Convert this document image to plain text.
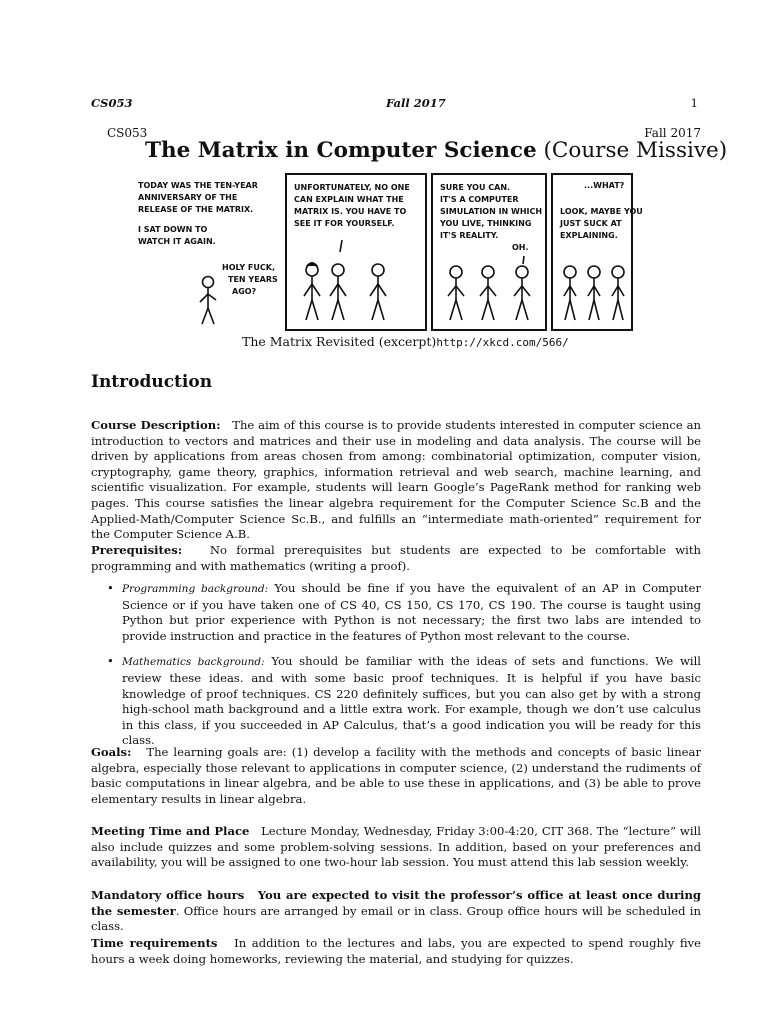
CS053	Fall 2017	1
CS053	Fall 2017
The Matrix in Computer Science (Course Missive)
TODAY WAS THE TEN-YEAR
ANNIVERSARY OF THE
RELEASE OF THE MATRIX.
I SAT DOWN TO
WATCH IT AGAIN.
HOLY FUCK,
TEN YEARS
AGO?
UNFORTUNATELY, NO ONE
CAN EXPLAIN WHAT THE
MATRIX IS. YOU HAVE TO
SEE IT FOR YOURSELF.
SURE YOU CAN.
IT'S A COMPUTER
SIMULATION IN WHICH
YOU LIVE, THINKING
IT'S REALITY.
OH.
...WHAT?
LOOK, MAYBE YOU
JUST SUCK AT
EXPLAINING.
The Matrix Revisited (excerpt)http://xkcd.com/566/
Introduction
Course Description: The aim of this course is to provide students interested in computer science an introduction to vectors and matrices and their use in modeling and data analysis. The course will be driven by applications from areas chosen from among: combinatorial optimization, computer vision, cryptography, game theory, graphics, information retrieval and web search, machine learning, and scientific visualization. For example, students will learn Google’s PageRank method for ranking web pages. This course satisfies the linear algebra requirement for the Computer Science Sc.B and the Applied-Math/Computer Science Sc.B., and fulfills an “intermediate math-oriented” requirement for the Computer Science A.B.
Prerequisites: No formal prerequisites but students are expected to be comfortable with programming and with mathematics (writing a proof).
• Programming background: You should be fine if you have the equivalent of an AP in Computer Science or if you have taken one of CS 40, CS 150, CS 170, CS 190. The course is taught using Python but prior experience with Python is not necessary; the first two labs are intended to provide instruction and practice in the features of Python most relevant to the course.
• Mathematics background: You should be familiar with the ideas of sets and functions. We will review these ideas. and with some basic proof techniques. It is helpful if you have basic knowledge of proof techniques. CS 220 definitely suffices, but you can also get by with a strong high-school math background and a little extra work. For example, though we don’t use calculus in this class, if you succeeded in AP Calculus, that’s a good indication you will be ready for this class.
Goals: The learning goals are: (1) develop a facility with the methods and concepts of basic linear algebra, especially those relevant to applications in computer science, (2) understand the rudiments of basic computations in linear algebra, and be able to use these in applications, and (3) be able to prove elementary results in linear algebra.
Meeting Time and Place Lecture Monday, Wednesday, Friday 3:00-4:20, CIT 368. The “lecture” will also include quizzes and some problem-solving sessions. In addition, based on your preferences and availability, you will be assigned to one two-hour lab session. You must attend this lab session weekly.
Mandatory office hours You are expected to visit the professor’s office at least once during the semester. Office hours are arranged by email or in class. Group office hours will be scheduled in class.
Time requirements In addition to the lectures and labs, you are expected to spend roughly five hours a week doing homeworks, reviewing the material, and studying for quizzes.
